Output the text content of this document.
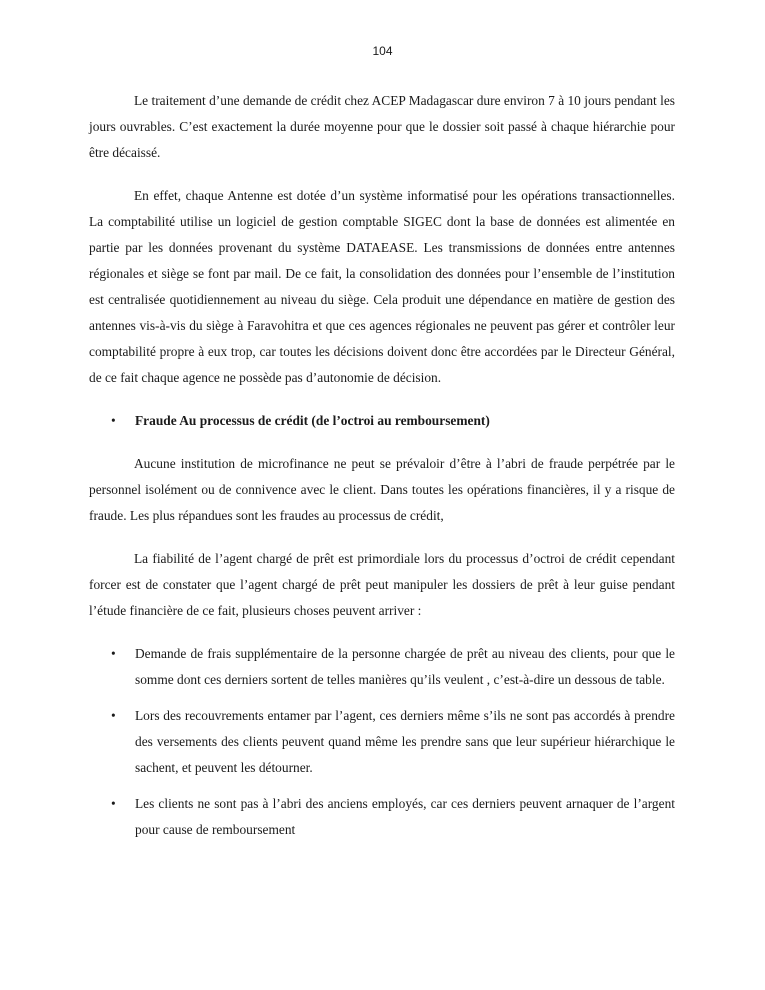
104

Le traitement d’une demande de crédit chez ACEP Madagascar dure environ 7 à 10 jours pendant les jours ouvrables. C’est exactement la durée moyenne pour que le dossier soit passé à chaque hiérarchie pour être décaissé.

En effet, chaque Antenne est dotée d’un système informatisé pour les opérations transactionnelles. La comptabilité utilise un logiciel de gestion comptable SIGEC dont la base de données est alimentée en partie par les données provenant du système DATAEASE. Les transmissions de données entre antennes régionales et siège se font par mail. De ce fait, la consolidation des données pour l’ensemble de l’institution est centralisée quotidiennement au niveau du siège. Cela produit une dépendance en matière de gestion des antennes vis-à-vis du siège à Faravohitra et que ces agences régionales ne peuvent pas gérer et contrôler leur comptabilité propre à eux trop, car toutes les décisions doivent donc être accordées par le Directeur Général, de ce fait chaque agence ne possède pas d’autonomie de décision.

• Fraude Au processus de crédit (de l’octroi au remboursement)

Aucune institution de microfinance ne peut se prévaloir d’être à l’abri de fraude perpétrée par le personnel isolément ou de connivence avec le client. Dans toutes les opérations financières, il y a risque de fraude. Les plus répandues sont les fraudes au processus de crédit,

La fiabilité de l’agent chargé de prêt est primordiale lors du processus d’octroi de crédit cependant forcer est de constater que l’agent chargé de prêt peut manipuler les dossiers de prêt à leur guise pendant l’étude financière de ce fait, plusieurs choses peuvent arriver :

• Demande de frais supplémentaire de la personne chargée de prêt au niveau des clients, pour que le somme dont ces derniers sortent de telles manières qu’ils veulent , c’est-à-dire un dessous de table.
• Lors des recouvrements entamer par l’agent, ces derniers même s’ils ne sont pas accordés à prendre des versements des clients peuvent quand même les prendre sans que leur supérieur hiérarchique le sachent, et peuvent les détourner.
• Les clients ne sont pas à l’abri des anciens employés, car ces derniers peuvent arnaquer de l’argent pour cause de remboursement
